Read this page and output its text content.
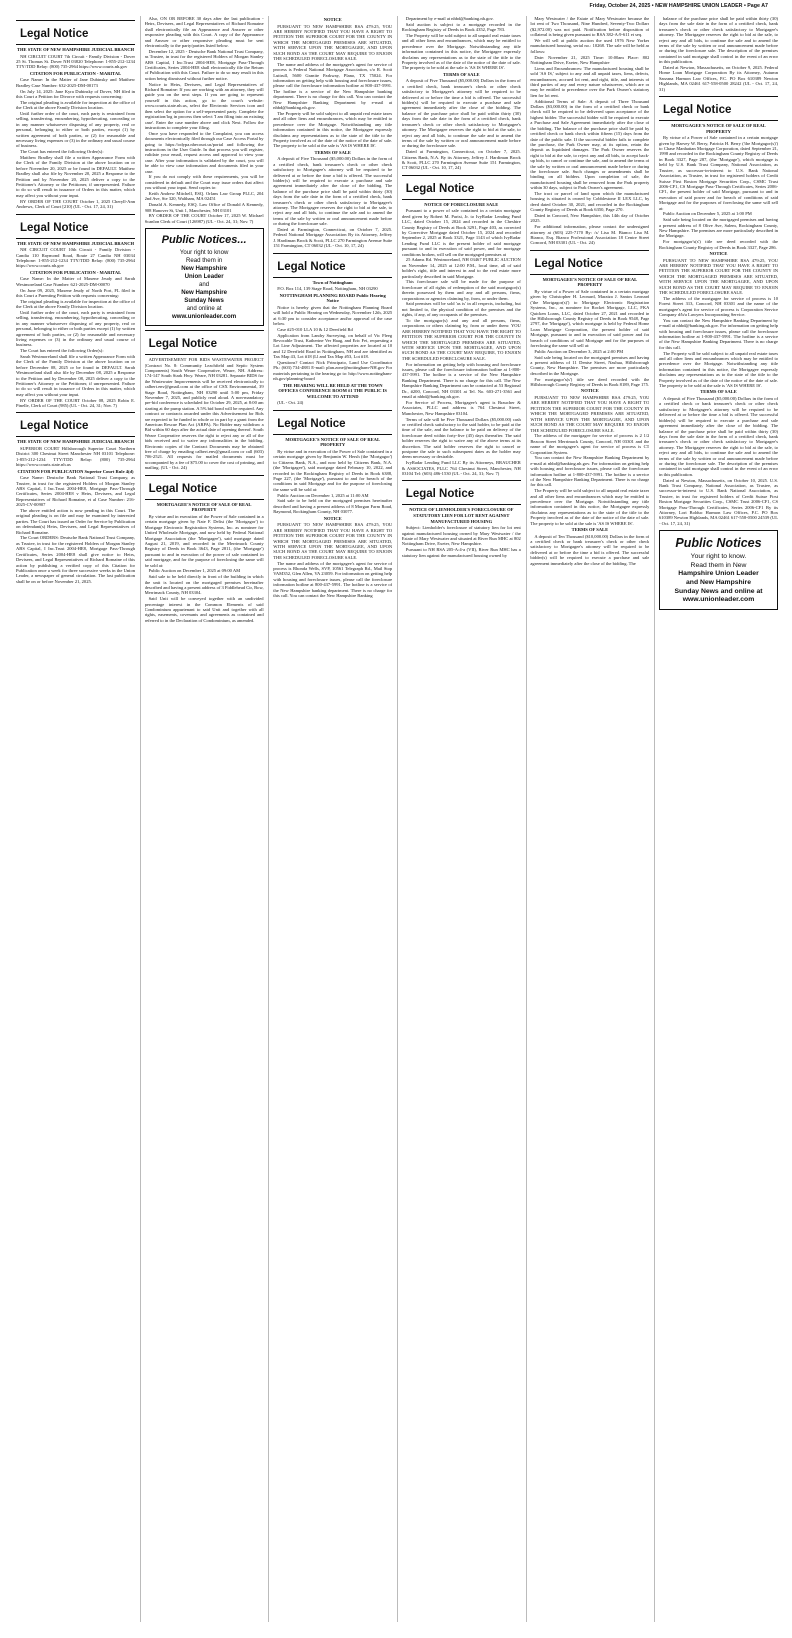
Friday, October 24, 2025 • NEW HAMPSHIRE UNION LEADER • Page A7
Legal Notice
THE STATE OF NEW HAMPSHIRE JUDICIAL BRANCH

NH CIRCUIT COURT 7th Circuit - Family Division - Dover 25 St. Thomas St. Dover NH 03820 Telephone: 1-855-212-1234 TTY/TDD Relay: (800) 735-2964 https://www.courts.nh.gov

CITATION FOR PUBLICATION - MARITAL

Case Name: In the Matter of Jane Dubinsky and Matthew Bradley Case Number: 632-2025-DM-00173

On July 14, 2025: Jane Kyra Dubinsky of Dover, NH filed in this Court a Petition for Divorce with requests concerning:

The original pleading is available for inspection at the office of the Clerk at the above Family Division location.

Until further order of the court, each party is restrained from selling, transferring, encumbering, hypothecating, concealing or in any manner whatsoever disposing of any property, real or personal, belonging to either or both parties, except (1) by written agreement of both parties, or (2) for reasonable and necessary living expenses or (3) in the ordinary and usual course of business.

The Court has entered the following Order(s):

Matthew Bradley shall file a written Appearance Form with the Clerk of the Family Division at the above location on or before November 20, 2025 or be found in DEFAULT. Matthew Bradley shall also file by November 20, 2025 a Response to the Petition and by November 20, 2025 deliver a copy to the Petitioner's Attorney or the Petitioner, if unrepresented. Failure to do so will result in issuance of Orders in this matter, which may affect you without your input.

BY ORDER OF THE COURT October 1, 2025 Cheryll-Ann Andrews, Clerk of Court [210] (UL - Oct. 17, 24, 31)

Legal Notice
THE STATE OF NEW HAMPSHIRE JUDICIAL BRANCH

NH CIRCUIT COURT 10th Circuit - Family Division - Candia 110 Raymond Road, Route 27 Candia NH 03034 Telephone: 1-855-212-1234 TTY/TDD Relay: (800) 735-2964 https://www.courts.nh.gov

CITATION FOR PUBLICATION - MARITAL

Case Name: In the Matter of Maxene Jeudy and Sarah Westmoreland Case Number: 621-2025-DM-00070

On June 09, 2025, Maxene Jeudy of North Port, FL filed in this Court a Parenting Petition with requests concerning:

The original pleading is available for inspection at the office of the Clerk at the above Family Division location.

Until further order of the court, each party is restrained from selling, transferring, encumbering, hypothecating, concealing or in any manner whatsoever disposing of any property, real or personal, belonging to either or both parties except (1) by written agreement of both parties, or (2) for reasonable and necessary living expenses or (3) in the ordinary and usual course of business.

The Court has entered the following Order(s):

Sarah Westmoreland shall file a written Appearance Form with the Clerk of the Family Division at the above location on or before December 08, 2025 or be found in DEFAULT. Sarah Westmoreland shall also file by December 08, 2025 a Response to the Petition and by December 08, 2025 deliver a copy to the Petitioner's Attorney or the Petitioner, if unrepresented. Failure to do so will result in issuance of Orders in this matter, which may affect you without your input.

BY ORDER OF THE COURT October 08, 2025 Robin E. Pinelle, Clerk of Court (985) (UL - Oct. 24, 31; Nov. 7)

Legal Notice
THE STATE OF NEW HAMPSHIRE JUDICIAL BRANCH

SUPERIOR COURT Hillsborough Superior Court Northern District 300 Chestnut Street Manchester NH 03101 Telephone: 1-855-212-1234 TTY/TDD Relay: (800) 735-2964 https://www.courts.state.nh.us

CITATION FOR PUBLICATION Superior Court Rule 4(d)

Case Name: Deutsche Bank National Trust Company, as Trustee, in trust for the registered Holders of Morgan Stanley ABS Capital, I Inc.Trust 2004-HE8, Mortgage Pass-Through Certificates, Series 2004-HE8 v Heirs, Devisees, and Legal Representatives of Richard Romaine, et al Case Number: 216-2025-CV-00907

The above entitled action is now pending in this Court. The original pleading is on file and may be examined by interested parties. The Court has issued an Order for Service by Publication on defendant(s) Heirs, Devisees, and Legal Representatives of Richard Romaine.

The Court ORDERS: Deutsche Bank National Trust Company, as Trustee, in trust for the registered Holders of Morgan Stanley ABS Capital, I Inc.Trust 2004-HE8, Mortgage Pass-Through Certificates, Series 2004-HE8 shall give notice to Heirs, Devisees, and Legal Representatives of Richard Romaine of this action by publishing a verified copy of this Citation for Publication once a week for three successive weeks in the Union Leader, a newspaper of general circulation. The last publication shall be on or before November 21, 2025.

Also, ON OR BEFORE 30 days after the last publication - Heirs, Devisees, and Legal Representatives of Richard Romaine shall electronically file an Appearance and Answer or other responsive pleading with this Court. A copy of the Appearance and Answer or other responsive pleading must be sent electronically to the party/parties listed below.

December 12, 2025 - Deutsche Bank National Trust Company, as Trustee, in trust for the registered Holders of Morgan Stanley ABS Capital, I Inc.Trust 2004-HE8, Mortgage Pass-Through Certificates, Series 2004-HE8 shall electronically file the Return of Publication with this Court. Failure to do so may result in this action being dismissed without further notice.

Notice to Heirs, Devisees, and Legal Representatives of Richard Romaine: If you are working with an attorney, they will guide you on the next steps. If you are going to represent yourself in this action, go to the court's website: www.courts.state.nh.us, select the Electronic Services icon and then select the option for a self-represented party. Complete the registration/log in process then select 'I am filing into an existing case'. Enter the case number above and click Next. Follow the instructions to complete your filing.

Once you have responded to the Complaint, you can access documents electronically filed through our Case Access Portal by going to https://odypa.nhecourt.us/portal and following the instructions in the User Guide. In that process you will register, validate your email, request access and approval to view your case. After your information is validated by the court, you will be able to view case information and documents filed in your case.

If you do not comply with these requirements, you will be considered in default and the Court may issue orders that affect you without your input. Send copies to:

Keith Andrew Mitchell, ESQ. Orlans Law Group PLLC, 204 2nd Ave, Ste 320, Waltham, MA 02451

Donald A. Kennedy, ESQ. Law Office of Donald A Kennedy, 908 Hanover St, Unit 1, Manchester, NH 03101

BY ORDER OF THE COURT October 17, 2025 W. Michael Scanlon Clerk of Court (126987) (UL - Oct. 24, 31; Nov. 7)

Public Notices...
Your right to know
Read them in
New Hampshire
Union Leader
and
New Hampshire
Sunday News
and online at
www.unionleader.com
Legal Notice

ADVERTISEMENT FOR BIDS WASTEWATER PROJECT (Contract No. 8: Community Leachfield and Septic System Components) South Weare Cooperative, Weare, NH. Address: 174-147 South Stark Hwy. Weare, NH 03281. Separate BIDS for the Wastewater Improvements will be received electronically to calbert.env@gmail.com at the office of CSX Environmental, 39 Stage Road, Nottingham, NH 03290 until 5:00 pm, Friday November 7, 2025, and publicly read aloud. A non-mandatory pre-bid conference is scheduled for October 29, 2025, at 8:00 am starting at the pump station. A 5% bid bond will be required. Any contract or contracts awarded under this Advertisement for Bids are expected to be funded in whole or in part by a grant from the American Rescue Plan Act (ARPA). No Bidder may withdraw a Bid within 60 days after the actual date of opening thereof. South Weare Cooperative reserves the right to reject any or all of the bids received and to waive any informalities in the bidding. Electronic copies of the Contract Documents may be obtained free of charge by emailing calbert.env@gmail.com or call (603) 706-2521. All requests for mailed documents must be accompanied by a fee of $75.00 to cover the cost of printing, and mailing. (UL - Oct. 24)

Legal Notice
MORTGAGEE'S NOTICE OF SALE OF REAL PROPERTY

By virtue and in execution of the Power of Sale contained in a certain mortgage given by Nate F. Delisi (the 'Mortgagor') to Mortgage Electronic Registration Systems, Inc. as nominee for United Wholesale Mortgage, and now held by Federal National Mortgage Association (the 'Mortgagee'), said mortgage dated August 21, 2019, and recorded in the Merrimack County Registry of Deeds in Book 3643, Page 2811, (the 'Mortgage') pursuant to and in execution of the power of sale contained in said mortgage, and for the purpose of foreclosing the same will be sold at:

Public Auction on December 1, 2025 at 09:00 AM

Said sale to be held directly in front of the building in which the unit is located on the mortgaged premises hereinafter described and having a present address of 3 Fiddlehead Cir, Bow, Merrimack County, NH 03304.

Said Unit will be conveyed together with an undivided percentage interest in the Common Elements of said Condominium appurtenant to said Unit and together with all rights, easements, covenants and agreements as contained and referred to in the Declaration of Condominium, as amended.

NOTICE

PURSUANT TO NEW HAMPSHIRE RSA 479:25, YOU ARE HEREBY NOTIFIED THAT YOU HAVE A RIGHT TO PETITION THE SUPERIOR COURT FOR THE COUNTY IN WHICH THE MORTGAGED PREMISES ARE SITUATED, WITH SERVICE UPON THE MORTGAGEE, AND UPON SUCH BOND AS THE COURT MAY REQUIRE TO ENJOIN THE SCHEDULED FORECLOSURE SALE.

The name and address of the mortgagee's agent for service of process is Federal National Mortgage Association, c/o R. Scott Luttrull, 5600 Granite Parkway, Plano, TX 75024. For information on getting help with housing and foreclosure issues, please call the foreclosure information hotline at 800-437-5991. The hotline is a service of the New Hampshire banking department. There is no charge for this call. You can contact the New Hampshire Banking Department by e-mail at nhbd@banking.nh.gov.

The Property will be sold subject to all unpaid real estate taxes and all other liens and encumbrances, which may be entitled to precedence over the Mortgage. Notwithstanding any title information contained in this notice, the Mortgagee expressly disclaims any representations as to the state of the title to the Property involved as of the date of the notice of the date of sale. The property to be sold at the sale is 'AS IS WHERE IS'.

TERMS OF SALE

A deposit of Five Thousand ($5,000.00) Dollars in the form of a certified check, bank treasurer's check or other check satisfactory to Mortgagee's attorney will be required to be delivered at or before the time a bid is offered. The successful bidder(s) will be required to execute a purchase and sale agreement immediately after the close of the bidding. The balance of the purchase price shall be paid within thirty (30) days from the sale date in the form of a certified check, bank treasurer's check or other check satisfactory to Mortgagee's attorney. The Mortgagee reserves the right to bid at the sale, to reject any and all bids, to continue the sale and to amend the terms of the sale by written or oral announcement made before or during the foreclosure sale.

Dated at Farmington, Connecticut, on October 7, 2025. Federal National Mortgage Association By its Attorney, Jeffrey J. Hardiman Brock & Scott, PLLC 270 Farmington Avenue Suite 151 Farmington, CT 06032 (UL - Oct. 10, 17, 24)

Legal Notice
Town of Nottingham

P.O. Box 114, 139 Stage Road, Nottingham, NH 03290

NOTTINGHAM PLANNING BOARD Public Hearing Notice

Notice is hereby given that the Nottingham Planning Board will hold a Public Hearing on Wednesday, November 12th, 2025 at 6:30 pm to consider acceptance and/or approval of the case below.

Case #25-010 LLA 10 & 12 Deerfield Rd

Application from Landry Surveying, on behalf of Vic Fleeg Revocable Trust, Katherine Ver Haag, and Eric Fei, requesting a Lot Line Adjustment. The affected properties are located at 10 and 12 Deerfield Road in Nottingham, NH and are identified as Tax Map 43, Lot #18 (Ll and Tax Map #53, Lot #18.

Questions? Contact Nick Principato, Land Use Coordinator Ph.: (603) 734-4881 E-mail: plan.zone@nottingham-NH.gov For materials pertaining to the hearing go to: http://www.nottingham-nh.gov/planning-board

THE HEARING WILL BE HELD AT THE TOWN OFFICES CONFERENCE ROOM #1 THE PUBLIC IS WELCOME TO ATTEND

(UL - Oct. 24)

Legal Notice
MORTGAGEE'S NOTICE OF SALE OF REAL PROPERTY

By virtue and in execution of the Power of Sale contained in a certain mortgage given by Benjamin W. Hersh (the 'Mortgagor') to Citizens Bank, N.A., and now held by Citizens Bank, N.A. (the 'Mortgagee'), said mortgage dated February 10, 2022, and recorded in the Rockingham Registry of Deeds in Book 6388, Page 227, (the 'Mortgage'), pursuant to and for breach of the conditions in said Mortgage and for the purpose of foreclosing the same will be sold at:

Public Auction on December 1, 2025 at 11:00 AM

Said sale to be held on the mortgaged premises hereinafter described and having a present address of 8 Morgan Farm Road, Raymond, Rockingham County, NH 03077.

NOTICE

PURSUANT TO NEW HAMPSHIRE RSA 479:25, YOU ARE HEREBY NOTIFIED THAT YOU HAVE A RIGHT TO PETITION THE SUPERIOR COURT FOR THE COUNTY IN WHICH THE MORTGAGED PREMISES ARE SITUATED, WITH SERVICE UPON THE MORTGAGEE, AND UPON SUCH BOND AS THE COURT MAY REQUIRE TO ENJOIN THE SCHEDULED FORECLOSURE SALE.

The name and address of the mortgagee's agent for service of process is Rhonda Wells, SVP, 10561 Telegraph Rd., Mail Stop VAM352, Glen Allen, VA 23059. For information on getting help with housing and foreclosure issues, please call the foreclosure information hotline at 800-437-5991. The hotline is a service of the New Hampshire banking department. There is no charge for this call. You can contact the New Hampshire Banking

Department by e-mail at nhbd@banking.nh.gov.

Said auction is subject to a mortgage recorded in the Rockingham Registry of Deeds in Book 4352, Page 783.

The Property will be sold subject to all unpaid real estate taxes and all other liens and encumbrances, which may be entitled to precedence over the Mortgage. Notwithstanding any title information contained in this notice, the Mortgagee expressly disclaims any representations as to the state of the title to the Property involved as of the date of the notice of the date of sale. The property to be sold at the sale is 'AS IS WHERE IS'.

TERMS OF SALE

A deposit of Five Thousand ($5,000.00) Dollars in the form of a certified check, bank treasurer's check or other check satisfactory to Mortgagee's attorney will be required to be delivered at or before the time a bid is offered. The successful bidder(s) will be required to execute a purchase and sale agreement immediately after the close of the bidding. The balance of the purchase price shall be paid within thirty (30) days from the sale date in the form of a certified check, bank treasurer's check or other check satisfactory to Mortgagee's attorney. The Mortgagee reserves the right to bid at the sale, to reject any and all bids, to continue the sale and to amend the terms of the sale by written or oral announcement made before or during the foreclosure sale.

Dated at Farmington, Connecticut, on October 7, 2025. Citizens Bank, N.A. By its Attorney, Jeffrey J. Hardiman Brock & Scott, PLLC 270 Farmington Avenue Suite 151 Farmington, CT 06032 (UL - Oct. 10, 17, 24)

Legal Notice
NOTICE OF FORECLOSURE SALE

Pursuant to a power of sale contained in a certain mortgage deed given by Robert M. Parisi, Jr. to IvyRadar Lending Fund LLC, dated October 15, 2024 and recorded in the Cheshire County Registry of Deeds at Book 3291, Page 403, as corrected by Corrective Mortgage dated October 15, 2024 and recorded September 2, 2025 at Book 3321, Page 1143 of which IvyRadar Lending Fund LLC is the present holder of said mortgage pursuant to and in execution of said power, and for mortgage conditions broken, will sell on the mortgaged premises at

25 Adams Rd. Westmoreland, NH 03467 PUBLIC AUCTION on November 14, 2025 at 12:00 P.M., local time, all of said holder's right, title and interest in and to the real estate more particularly described in said Mortgage.

This foreclosure sale will be made for the purpose of foreclosure of all rights of redemption of the said mortgagor(s) therein possessed by them and any and all persons, firms, corporations or agencies claiming by, from, or under them.

Said premises will be sold 'as is' in all respects, including, but not limited to, the physical condition of the premises and the rights, if any, of any occupants of the premises.

To the mortgagor(s) and any and all persons, firms, corporations or others claiming by, from or under them: YOU ARE HEREBY NOTIFIED THAT YOU HAVE THE RIGHT TO PETITION THE SUPERIOR COURT FOR THE COUNTY IN WHICH THE MORTGAGED PREMISES ARE SITUATED, WITH SERVICE UPON THE MORTGAGEE, AND UPON SUCH BOND AS THE COURT MAY REQUIRE, TO ENJOIN THE SCHEDULED FORECLOSURE SALE.

For information on getting help with housing and foreclosure issues, please call the foreclosure information hotline at 1-800-437-5991. The hotline is a service of the New Hampshire Banking Department. There is no charge for this call. The New Hampshire Banking Department can be contacted at 53 Regional Dr., #200, Concord, NH 03301 at Tel. No. 603-271-3561 and email at nhbd@banking.nh.gov.

For Service of Process, Mortgagee's agent is Braucher & Associates, PLLC and address is 764 Chestnut Street, Manchester, New Hampshire 03104.

Terms of sale will be Five Thousand Dollars ($5,000.00) cash or certified check satisfactory to the said holder, to be paid at the time of the sale, and the balance to be paid on delivery of the foreclosure deed within forty-five (45) days thereafter. The said holder reserves the right to waive any of the above terms at its discretion. The said holder reserves the right to cancel or postpone the sale to such subsequent dates as the holder may deem necessary or desirable.

IvyRadar Lending Fund LLC By its Attorneys, BRAUCHER & ASSOCIATES, PLLC 764 Chestnut Street, Manchester, NH 03104 Tel: (603) 486-1530 (UL - Oct. 24, 31; Nov. 7)

Legal Notice
NOTICE OF LIENHOLDER'S FORECLOSURE OF STATUTORY LIEN FOR LOT RENT AGAINST MANUFACTURED HOUSING

Subject: Lienholder's foreclosure of statutory lien for lot rent against manufactured housing owned by Mary Westwater / the Estate of Mary Westwater and situated at River Run MHC at 802 Nottingham Drive, Exeter, New Hampshire.

Pursuant to NH RSA 205-A:4-a (VII), River Run MHC has a statutory lien against the manufactured housing owned by

Mary Westwater / the Estate of Mary Westwater because the lot rent of Two Thousand, Nine Hundred, Seventy-Two Dollars ($2,972.00) was not paid. Notification before disposition of collateral is being given pursuant to RSA 382-A:9-611 et seq.

We will sell at public auction the used 1976 New Yorker manufactured housing, serial no.: 10268. The sale will be held as follows:

Date: November 21, 2025 Time: 10:00am Place: 802 Nottingham Drive, Exeter, New Hampshire

Liens and Encumbrances: The manufactured housing shall be sold 'AS IS,' subject to any and all unpaid taxes, liens, defects, encumbrances, accrued lot rent, and right, title, and interests of third parties of any and every nature whatsoever, which are or may be entitled to precedence over the Park Owner's statutory lien for lot rent.

Additional Terms of Sale: A deposit of Three Thousand Dollars ($3,000.00) in the form of a certified check or bank check will be required to be delivered upon acceptance of the highest bidder. The successful bidder will be required to execute a Purchase and Sale Agreement immediately after the close of the bidding. The balance of the purchase price shall be paid by certified check or bank check within fifteen (15) days from the date of the public sale. If the successful bidder fails to complete the purchase, the Park Owner may, at its option, retain the deposit as liquidated damages. The Park Owner reserves the right to bid at the sale, to reject any and all bids, to accept back-up bids, to cancel or continue the sale, and to amend the terms of the sale by written or oral announcement made before or during the foreclosure sale. Such changes or amendments shall be binding on all bidders. Upon completion of sale, the manufactured housing shall be removed from the Park property within 30 days, subject to Park Owner's agreement.

The tract or parcel of land upon which the manufactured housing is situated is owned by Cobblestone II LEX LLC, by deed dated October 30, 2021, and recorded in the Rockingham County Registry of Deeds at Book 6350, Page 270.

Dated in Concord, New Hampshire, this 14th day of October 2025.

For additional information, please contact the undersigned attorney at (603) 225-7170 By: /s/ Lisa M. Bianco Lisa M. Bianco, Esq. Bianco Professional Association 18 Centre Street Concord, NH 03301 (UL - Oct. 24)

Legal Notice
MORTGAGEE'S NOTICE OF SALE OF REAL PROPERTY

By virtue of a Power of Sale contained in a certain mortgage given by Christopher H. Leonard, Maraiza J. Santos Leonard ('the Mortgagor(s)') to Mortgage Electronic Registration Systems, Inc., as nominee for Rocket Mortgage, LLC, FKA Quicken Loans, LLC, dated October 27, 2021 and recorded in the Hillsborough County Registry of Deeds in Book 9548, Page 2797, the 'Mortgage'), which mortgage is held by Federal Home Loan Mortgage Corporation, the present holder of said Mortgage, pursuant to and in execution of said power and for breach of conditions of said Mortgage and for the purposes of foreclosing the same will sell at:

Public Auction on December 3, 2025 at 2:00 PM

Said sale being located on the mortgaged premises and having a present address of 11 Denise Street, Nashua, Hillsborough County, New Hampshire. The premises are more particularly described in the Mortgage.

For mortgagor's(s') title see deed recorded with the Hillsborough County Registry of Deeds in Book 8189, Page 175.

NOTICE

PURSUANT TO NEW HAMPSHIRE RSA 479:25, YOU ARE HEREBY NOTIFIED THAT YOU HAVE A RIGHT TO PETITION THE SUPERIOR COURT FOR THE COUNTY IN WHICH THE MORTGAGED PREMISES ARE SITUATED, WITH SERVICE UPON THE MORTGAGEE, AND UPON SUCH BOND AS THE COURT MAY REQUIRE TO ENJOIN THE SCHEDULED FORECLOSURE SALE.

The address of the mortgagee for service of process is 2 1/2 Beacon Street Merrimack County, Concord, NH 03301 and the name of the mortgagee's agent for service of process is CT Corporation System.

You can contact the New Hampshire Banking Department by e-mail at nhbd@banking.nh.gov. For information on getting help with housing and foreclosure issues, please call the foreclosure information hotline at 1-800-437-5991. The hotline is a service of the New Hampshire Banking Department. There is no charge for this call.

The Property will be sold subject to all unpaid real estate taxes and all other liens and encumbrances which may be entitled to precedence over the Mortgage. Notwithstanding any title information contained in this notice, the Mortgagee expressly disclaims any representations as to the state of the title to the Property involved as of the date of the notice of the date of sale. The property to be sold at the sale is 'AS IS WHERE IS'.

TERMS OF SALE

A deposit of Ten Thousand ($10,000.00) Dollars in the form of a certified check or bank treasurer's check or other check satisfactory to Mortgagee's attorney will be required to be delivered at or before the time a bid is offered. The successful bidder(s) will be required to execute a purchase and sale agreement immediately after the close of the bidding. The

balance of the purchase price shall be paid within thirty (30) days from the sale date in the form of a certified check, bank treasurer's check or other check satisfactory to Mortgagee's attorney. The Mortgagee reserves the right to bid at the sale, to reject any and all bids, to continue the sale and to amend the terms of the sale by written or oral announcement made before or during the foreclosure sale. The description of the premises contained in said mortgage shall control in the event of an error in this publication.

Dated at Newton, Massachusetts, on October 9, 2025. Federal Home Loan Mortgage Corporation By its Attorney, Autumn Sarzana Harmon Law Offices, P.C. PO Box 610389 Newton Highlands, MA 02461 617-558-0500 28242 (UL - Oct. 17, 24, 31)

Legal Notice
MORTGAGEE'S NOTICE OF SALE OF REAL PROPERTY

By virtue of a Power of Sale contained in a certain mortgage given by Harvey W. Berry, Patricia H. Berry ('the Mortgagor(s)') to Chase Manhattan Mortgage Corporation, dated September 21, 1998 and recorded in the Rockingham County Registry of Deeds in Book 3327, Page 287, (the 'Mortgage'), which mortgage is held by U.S. Bank Trust Company, National Association, as Trustee, as successor-in-interest to U.S. Bank National Association, as Trustee, in trust for registered holders of Credit Suisse First Boston Mortgage Securities Corp., CSMC Trust 2006-CF1, CS Mortgage Pass-Through Certificates, Series 2006-CF1, the present holder of said Mortgage, pursuant to and in execution of said power and for breach of conditions of said Mortgage and for the purposes of foreclosing the same will sell at:

Public Auction on December 5, 2025 at 1:00 PM

Said sale being located on the mortgaged premises and having a present address of 8 Olive Ave, Salem, Rockingham County, New Hampshire. The premises are more particularly described in the Mortgage.

For mortgagor's(s') title see deed recorded with the Rockingham County Registry of Deeds in Book 3327, Page 286.

NOTICE

PURSUANT TO NEW HAMPSHIRE RSA 479:25, YOU ARE HEREBY NOTIFIED THAT YOU HAVE A RIGHT TO PETITION THE SUPERIOR COURT FOR THE COUNTY IN WHICH THE MORTGAGED PREMISES ARE SITUATED, WITH SERVICE UPON THE MORTGAGEE, AND UPON SUCH BOND AS THE COURT MAY REQUIRE TO ENJOIN THE SCHEDULED FORECLOSURE SALE.

The address of the mortgagee for service of process is 10 Forest Street 313, Concord, NH 03301 and the name of the mortgagee's agent for service of process is Corporation Service Company d/b/a Lawyers Incorporating Service.

You can contact the New Hampshire Banking Department by e-mail at nhbd@banking.nh.gov. For information on getting help with housing and foreclosure issues, please call the foreclosure information hotline at 1-800-437-5991. The hotline is a service of the New Hampshire Banking Department. There is no charge for this call.

The Property will be sold subject to all unpaid real estate taxes and all other liens and encumbrances which may be entitled to precedence over the Mortgage. Notwithstanding any title information contained in this notice, the Mortgagee expressly disclaims any representations as to the state of the title to the Property involved as of the date of the notice of the date of sale. The property to be sold at the sale is 'AS IS WHERE IS'.

TERMS OF SALE

A deposit of Five Thousand ($5,000.00) Dollars in the form of a certified check or bank treasurer's check or other check satisfactory to Mortgagee's attorney will be required to be delivered at or before the time a bid is offered. The successful bidder(s) will be required to execute a purchase and sale agreement immediately after the close of the bidding. The balance of the purchase price shall be paid within thirty (30) days from the sale date in the form of a certified check, bank treasurer's check or other check satisfactory to Mortgagee's attorney. The Mortgagee reserves the right to bid at the sale, to reject any and all bids, to continue the sale and to amend the terms of the sale by written or oral announcement made before or during the foreclosure sale. The description of the premises contained in said mortgage shall control in the event of an error in this publication.

Dated at Newton, Massachusetts, on October 10, 2025. U.S. Bank Trust Company, National Association, as Trustee, as successor-in-interest to U.S. Bank National Association, as Trustee, in trust for registered holders of Credit Suisse First Boston Mortgage Securities Corp., CSMC Trust 2006-CF1, CS Mortgage Pass-Through Certificates, Series 2006-CF1 By its Attorney, Lori Bolduc Harmon Law Offices, P.C. PO Box 610389 Newton Highlands, MA 02461 617-558-0500 24539 (UL - Oct. 17, 24, 31)

Public Notices
Your right to know.
Read them in New
Hampshire Union Leader
and New Hampshire
Sunday News and online at
www.unionleader.com
